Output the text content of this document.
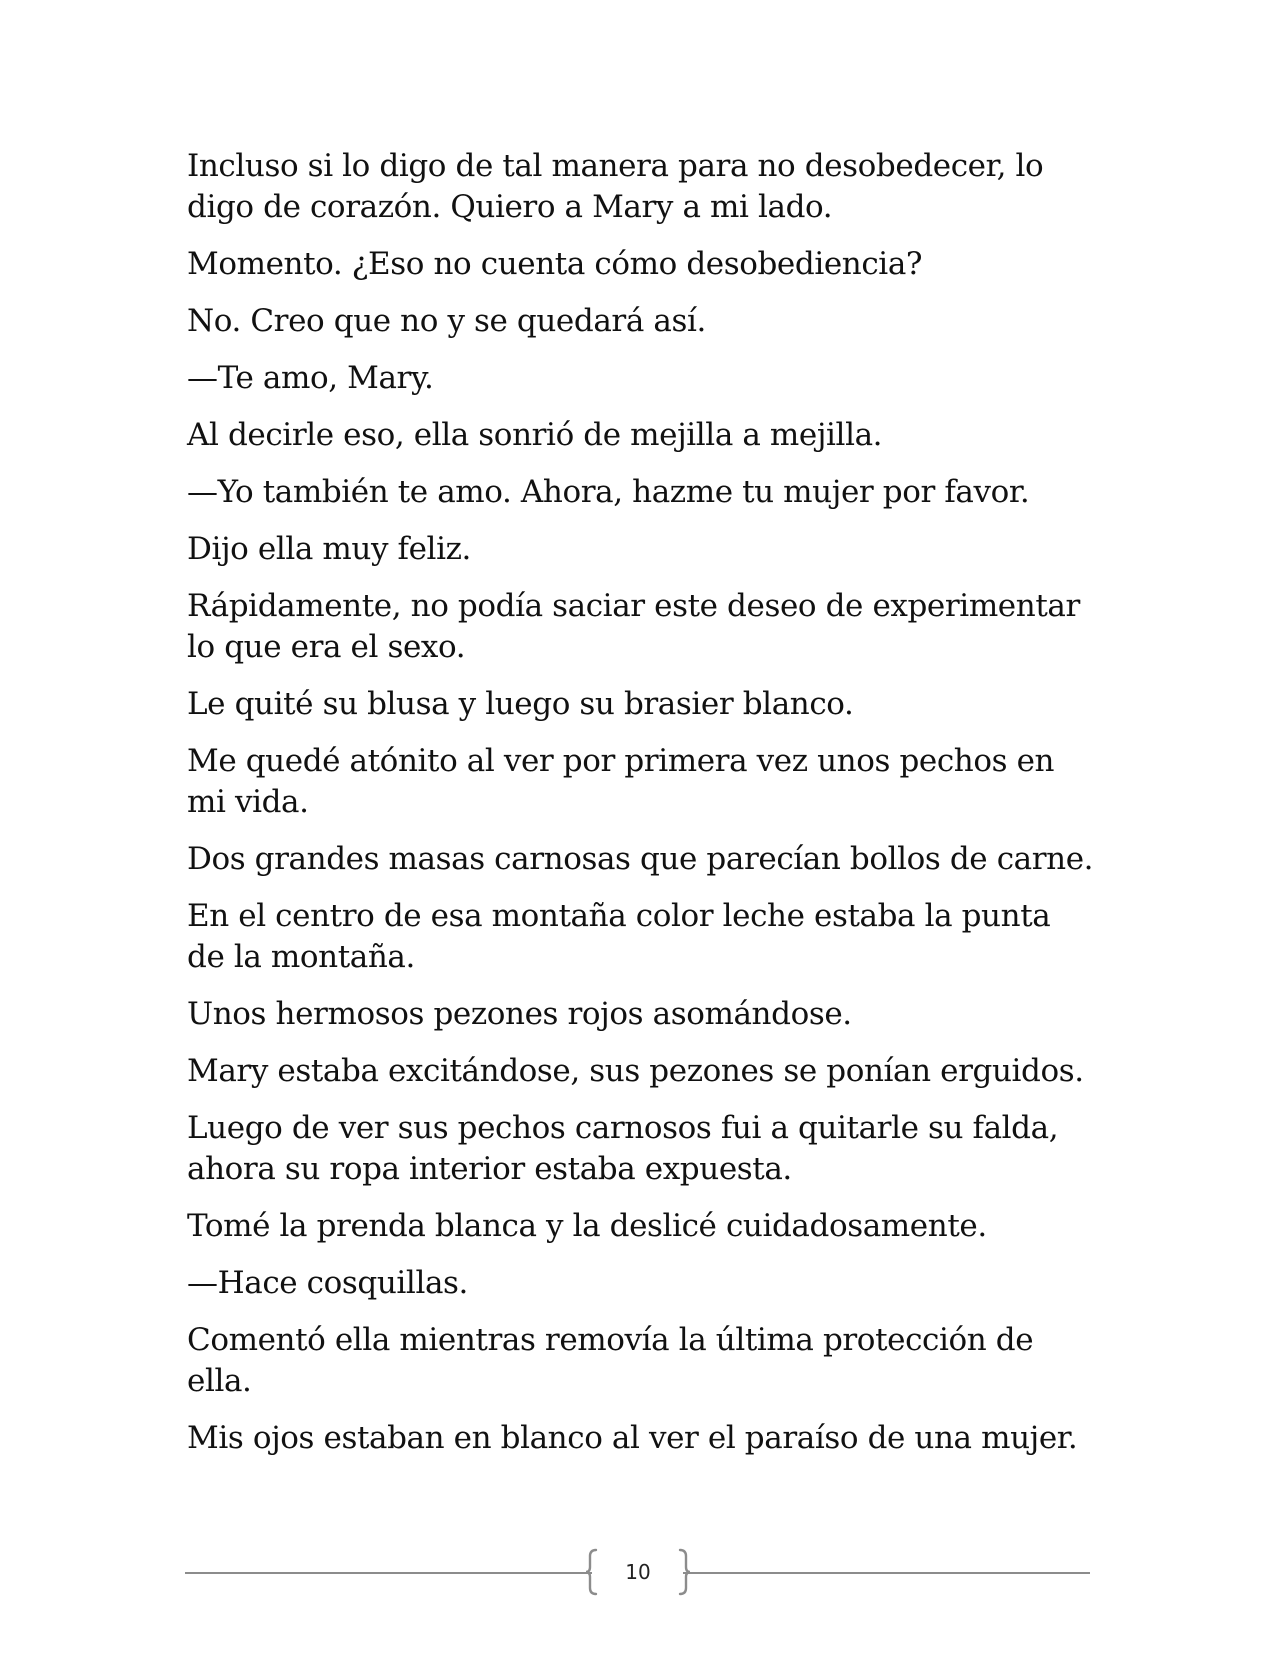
Incluso si lo digo de tal manera para no desobedecer, lo digo de corazón. Quiero a Mary a mi lado.

Momento. ¿Eso no cuenta cómo desobediencia?

No. Creo que no y se quedará así.

—Te amo, Mary.

Al decirle eso, ella sonrió de mejilla a mejilla.

—Yo también te amo. Ahora, hazme tu mujer por favor.

Dijo ella muy feliz.

Rápidamente, no podía saciar este deseo de experimentar lo que era el sexo.

Le quité su blusa y luego su brasier blanco.

Me quedé atónito al ver por primera vez unos pechos en mi vida.

Dos grandes masas carnosas que parecían bollos de carne.

En el centro de esa montaña color leche estaba la punta de la montaña.

Unos hermosos pezones rojos asomándose.

Mary estaba excitándose, sus pezones se ponían erguidos.

Luego de ver sus pechos carnosos fui a quitarle su falda, ahora su ropa interior estaba expuesta.

Tomé la prenda blanca y la deslicé cuidadosamente.

—Hace cosquillas.

Comentó ella mientras removía la última protección de ella.

Mis ojos estaban en blanco al ver el paraíso de una mujer.

10
